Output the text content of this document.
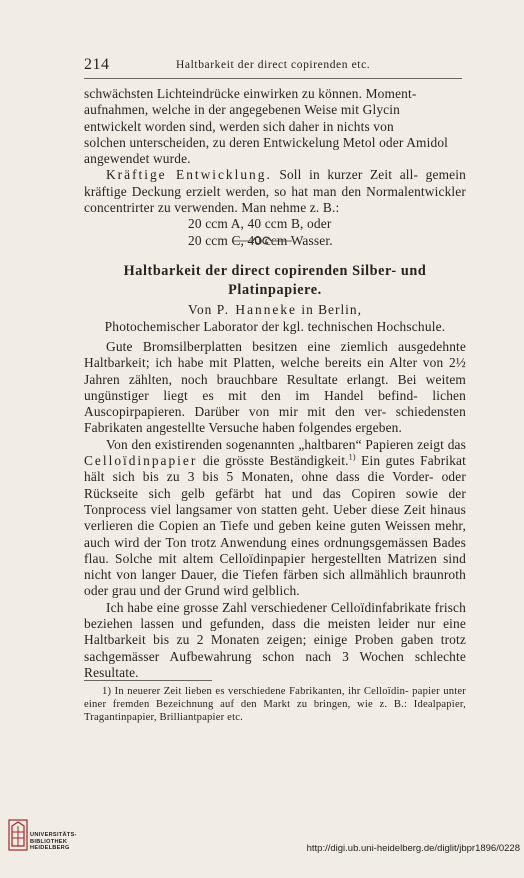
214	Haltbarkeit der direct copirenden etc.

schwächsten Lichteindrücke einwirken zu können. Moment-

aufnahmen, welche in der angegebenen Weise mit Glycin

entwickelt worden sind, werden sich daher in nichts von

solchen unterscheiden, zu deren Entwickelung Metol oder Amidol

angewendet wurde.

Kräftige Entwicklung. Soll in kurzer Zeit all- gemein kräftige Deckung erzielt werden, so hat man den Normalentwickler concentrirter zu verwenden. Man nehme z. B.:

20 ccm A, 40 ccm B, oder

20 ccm C, 40 ccm Wasser.

Haltbarkeit der direct copirenden Silber- und Platinpapiere.
Von P. Hanneke in Berlin,
Photochemischer Laborator der kgl. technischen Hochschule.

Gute Bromsilberplatten besitzen eine ziemlich ausgedehnte Haltbarkeit; ich habe mit Platten, welche bereits ein Alter von 2½ Jahren zählten, noch brauchbare Resultate erlangt. Bei weitem ungünstiger liegt es mit den im Handel befind- lichen Auscopirpapieren. Darüber von mir mit den ver- schiedensten Fabrikaten angestellte Versuche haben folgendes ergeben.

Von den existirenden sogenannten „haltbaren“ Papieren zeigt das Celloïdinpapier die grösste Beständigkeit.$^{1)}$ Ein gutes Fabrikat hält sich bis zu 3 bis 5 Monaten, ohne dass die Vorder- oder Rückseite sich gelb gefärbt hat und das Copiren sowie der Tonprocess viel langsamer von statten geht. Ueber diese Zeit hinaus verlieren die Copien an Tiefe und geben keine guten Weissen mehr, auch wird der Ton trotz Anwendung eines ordnungsgemässen Bades flau. Solche mit altem Celloïdinpapier hergestellten Matrizen sind nicht von langer Dauer, die Tiefen färben sich allmählich braunroth oder grau und der Grund wird gelblich.

Ich habe eine grosse Zahl verschiedener Celloïdinfabrikate frisch beziehen lassen und gefunden, dass die meisten leider nur eine Haltbarkeit bis zu 2 Monaten zeigen; einige Proben gaben trotz sachgemässer Aufbewahrung schon nach 3 Wochen schlechte Resultate.

1) In neuerer Zeit lieben es verschiedene Fabrikanten, ihr Celloïdin- papier unter einer fremden Bezeichnung auf den Markt zu bringen, wie z. B.: Idealpapier, Tragantinpapier, Brilliantpapier etc.

UNIVERSITÄTS-
BIBLIOTHEK
HEIDELBERG	http://digi.ub.uni-heidelberg.de/diglit/jbpr1896/0228
